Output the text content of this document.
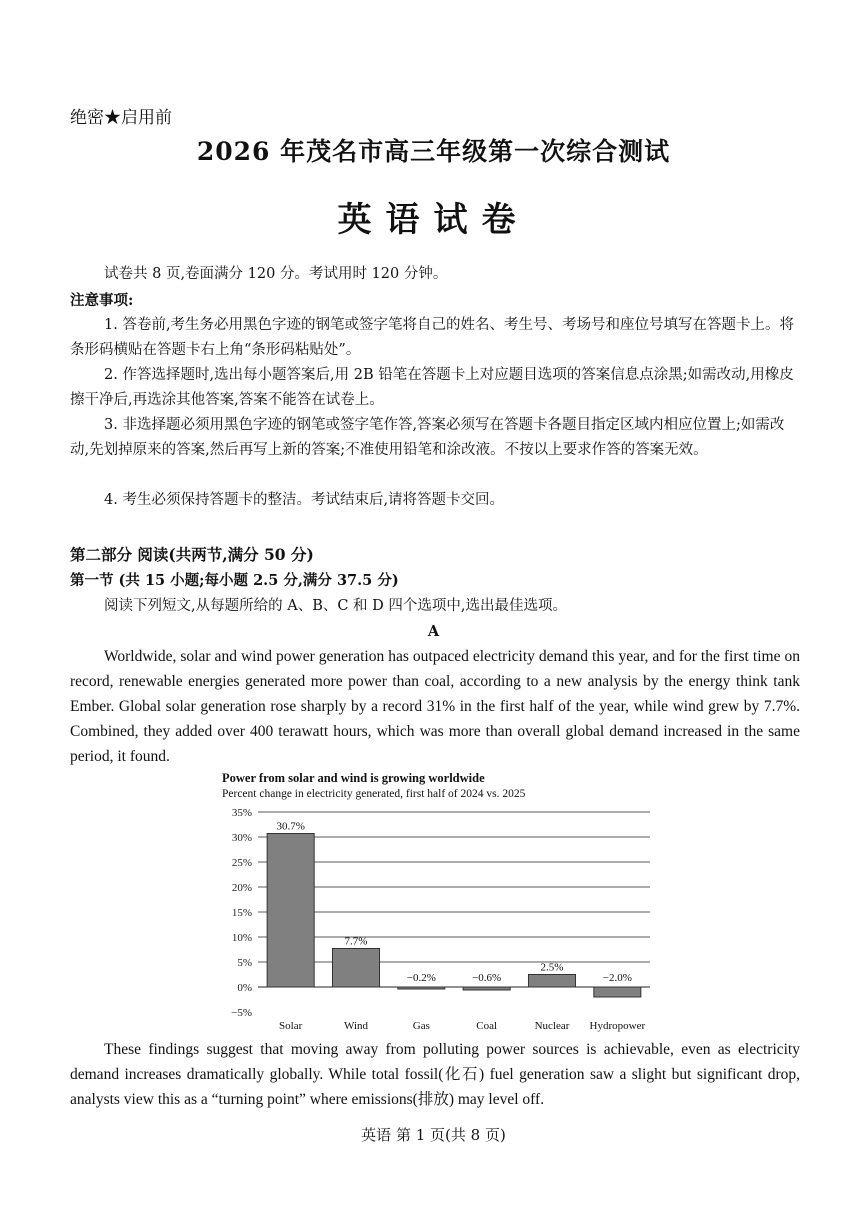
绝密★启用前
2026 年茂名市高三年级第一次综合测试
英语试卷
试卷共 8 页,卷面满分 120 分。考试用时 120 分钟。
注意事项:
1. 答卷前,考生务必用黑色字迹的钢笔或签字笔将自己的姓名、考生号、考场号和座位号填写在答题卡上。将条形码横贴在答题卡右上角“条形码粘贴处”。
2. 作答选择题时,选出每小题答案后,用 2B 铅笔在答题卡上对应题目选项的答案信息点涂黑;如需改动,用橡皮擦干净后,再选涂其他答案,答案不能答在试卷上。
3. 非选择题必须用黑色字迹的钢笔或签字笔作答,答案必须写在答题卡各题目指定区域内相应位置上;如需改动,先划掉原来的答案,然后再写上新的答案;不准使用铅笔和涂改液。不按以上要求作答的答案无效。
4. 考生必须保持答题卡的整洁。考试结束后,请将答题卡交回。
第二部分 阅读(共两节,满分 50 分)
第一节 (共 15 小题;每小题 2.5 分,满分 37.5 分)
阅读下列短文,从每题所给的 A、B、C 和 D 四个选项中,选出最佳选项。
A
Worldwide, solar and wind power generation has outpaced electricity demand this year, and for the first time on record, renewable energies generated more power than coal, according to a new analysis by the energy think tank Ember. Global solar generation rose sharply by a record 31% in the first half of the year, while wind grew by 7.7%. Combined, they added over 400 terawatt hours, which was more than overall global demand increased in the same period, it found.
Power from solar and wind is growing worldwide
Percent change in electricity generated, first half of 2024 vs. 2025
35%
30%
25%
20%
15%
10%
5%
0%
−5%
30.7%
7.7%
−0.2%	−0.6%
2.5%
−2.0%
Solar	Wind	Gas	Coal	Nuclear Hydropower
These findings suggest that moving away from polluting power sources is achievable, even as electricity demand increases dramatically globally. While total fossil(化石) fuel generation saw a slight but significant drop, analysts view this as a “turning point” where emissions(排放) may level off.
英语 第 1 页(共 8 页)
